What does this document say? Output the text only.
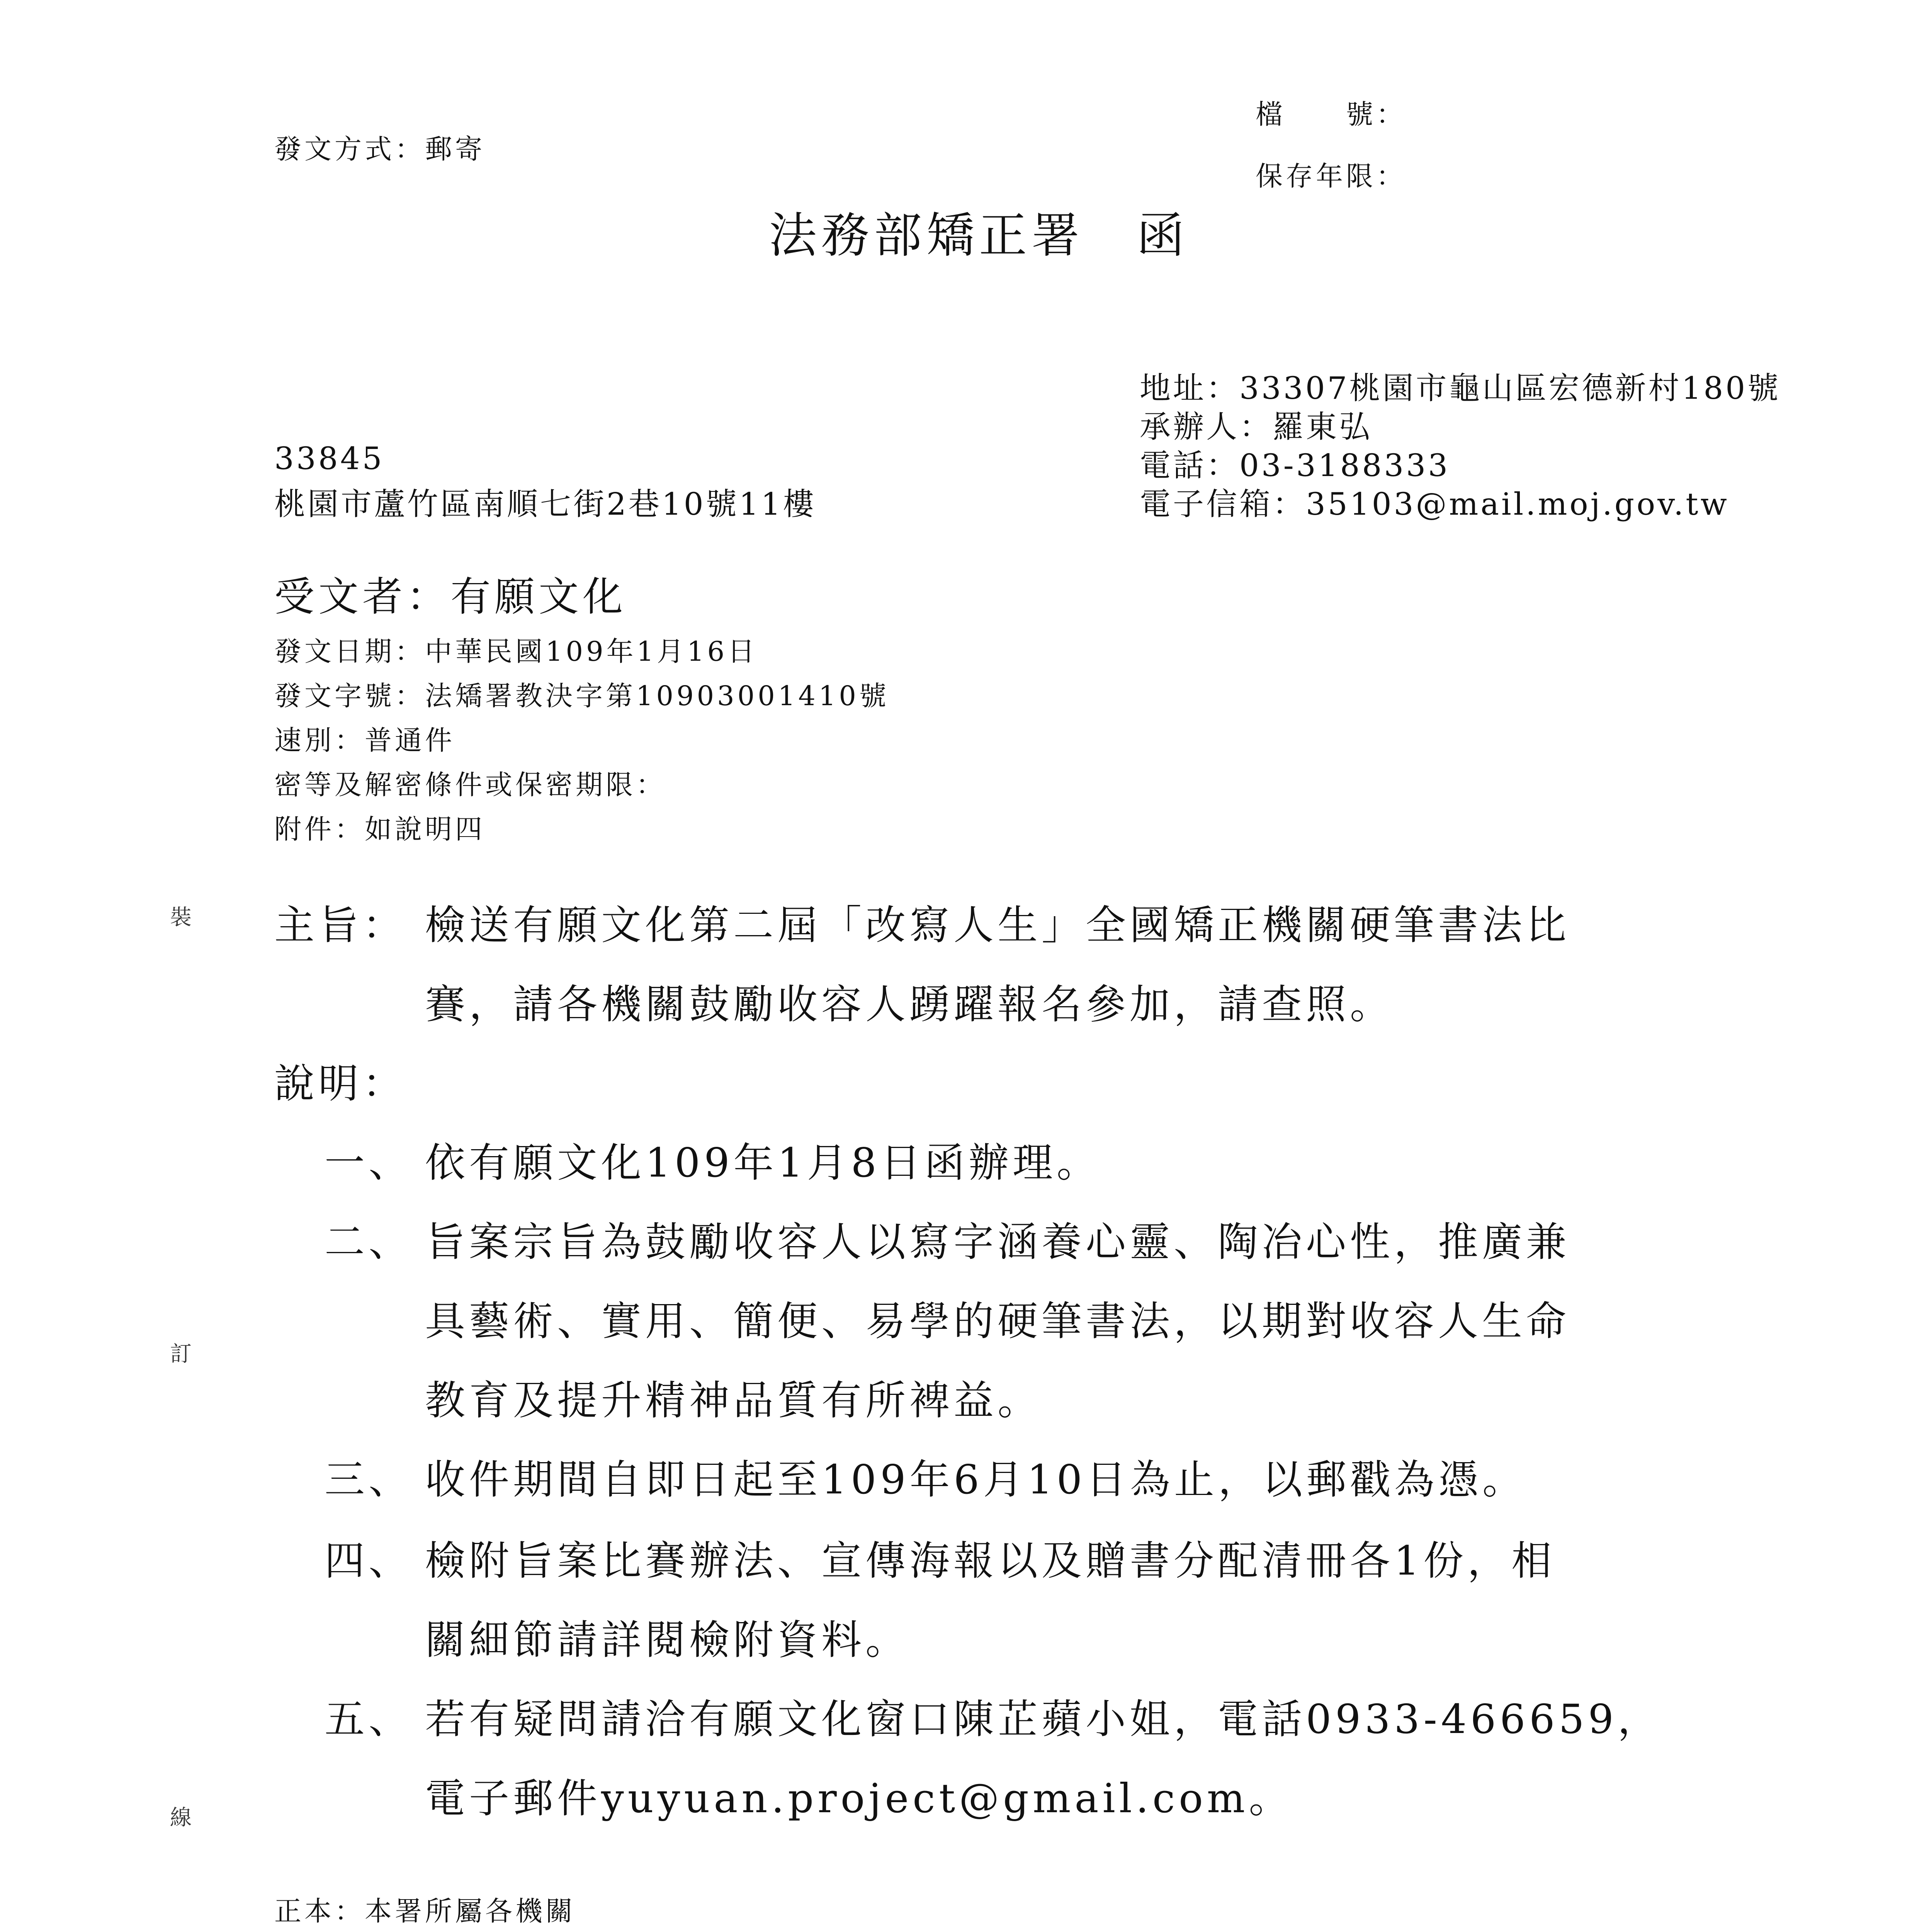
發文方式：郵寄
檔　　號：
保存年限：
法務部矯正署　函
地址：33307桃園市龜山區宏德新村180號
承辦人：羅東弘
電話：03-3188333
電子信箱：35103@mail.moj.gov.tw
33845
桃園市蘆竹區南順七街2巷10號11樓
受文者：有願文化
發文日期：中華民國109年1月16日
發文字號：法矯署教決字第10903001410號
速別：普通件
密等及解密條件或保密期限：
附件：如說明四
裝
訂
線
主旨： 檢送有願文化第二屆「改寫人生」全國矯正機關硬筆書法比
賽，請各機關鼓勵收容人踴躍報名參加，請查照。
說明：
一、 依有願文化109年1月8日函辦理。
二、 旨案宗旨為鼓勵收容人以寫字涵養心靈、陶冶心性，推廣兼
具藝術、實用、簡便、易學的硬筆書法，以期對收容人生命
教育及提升精神品質有所裨益。
三、 收件期間自即日起至109年6月10日為止，以郵戳為憑。
四、 檢附旨案比賽辦法、宣傳海報以及贈書分配清冊各1份，相
關細節請詳閱檢附資料。
五、 若有疑問請洽有願文化窗口陳芷蘋小姐，電話0933-466659，
電子郵件yuyuan.project@gmail.com。
正本：本署所屬各機關
